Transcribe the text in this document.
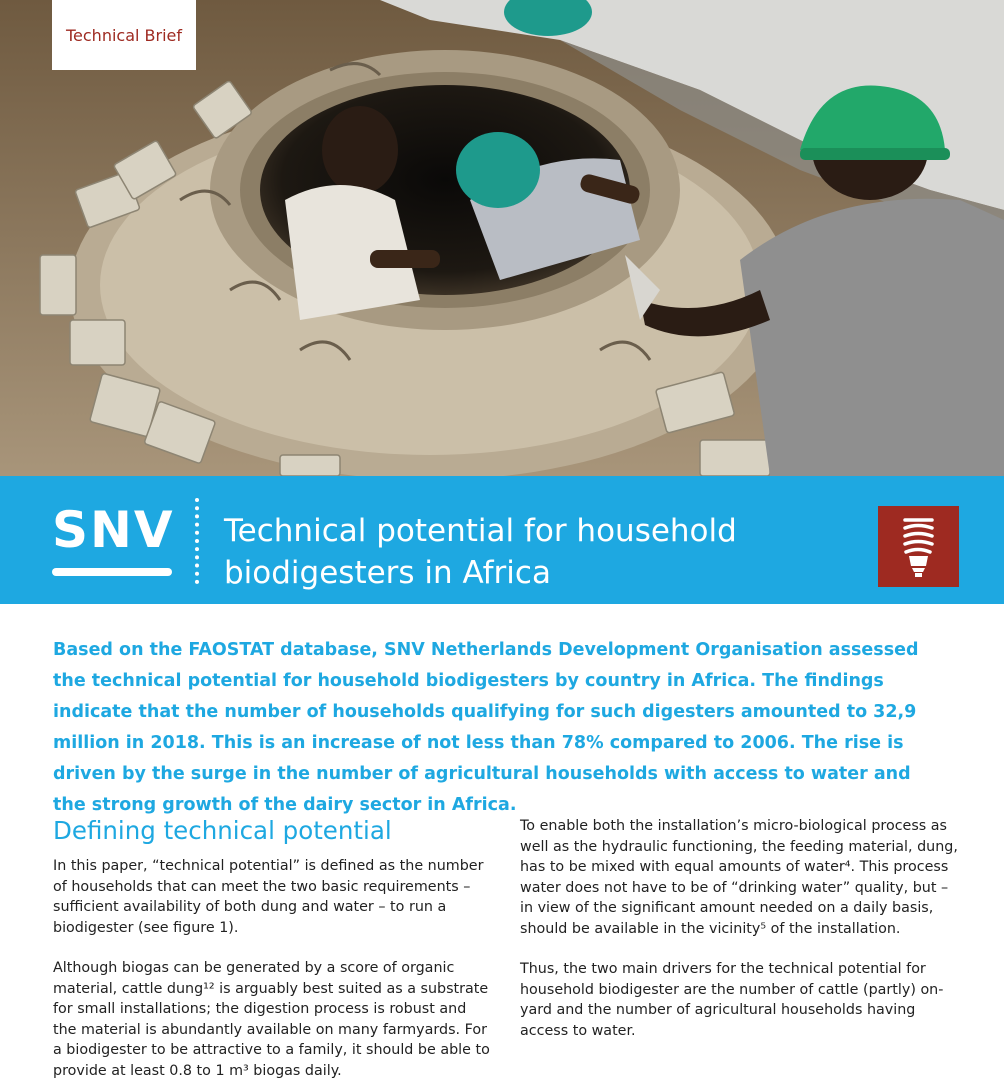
Technical Brief
SNV Technical potential for household
biodigesters in Africa

Based on the FAOSTAT database, SNV Netherlands Development Organisation assessed the technical potential for household biodigesters by country in Africa. The findings indicate that the number of households qualifying for such digesters amounted to 32,9 million in 2018. This is an increase of not less than 78% compared to 2006. The rise is driven by the surge in the number of agricultural households with access to water and the strong growth of the dairy sector in Africa.

Defining technical potential

In this paper, “technical potential” is defined as the number of households that can meet the two basic requirements – sufficient availability of both dung and water – to run a biodigester (see figure 1).

Although biogas can be generated by a score of organic material, cattle dung¹² is arguably best suited as a substrate for small installations; the digestion process is robust and the material is abundantly available on many farmyards. For a biodigester to be attractive to a family, it should be able to provide at least 0.8 to 1 m³ biogas daily.

To enable both the installation’s micro-biological process as well as the hydraulic functioning, the feeding material, dung, has to be mixed with equal amounts of water⁴. This process water does not have to be of “drinking water” quality, but –in view of the significant amount needed on a daily basis, should be available in the vicinity⁵ of the installation.

Thus, the two main drivers for the technical potential for household biodigester are the number of cattle (partly) on-yard and the number of agricultural households having access to water.
